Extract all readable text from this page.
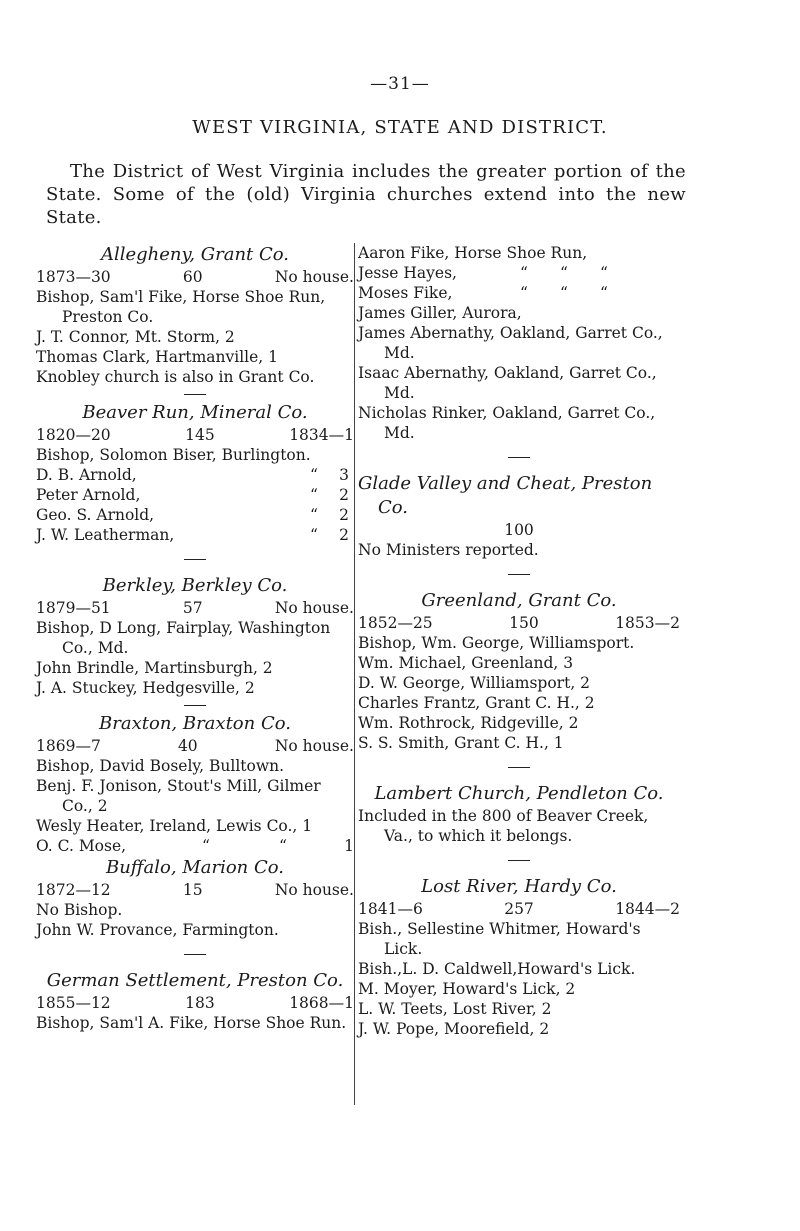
—31—
WEST VIRGINIA, STATE AND DISTRICT.
The District of West Virginia includes the greater portion of the State. Some of the (old) Virginia churches extend into the new State.
Allegheny, Grant Co.
1873—30	60	No house.
Bishop, Sam'l Fike, Horse Shoe Run, Preston Co.
J. T. Connor, Mt. Storm, 2
Thomas Clark, Hartmanville, 1
Knobley church is also in Grant Co.
Beaver Run, Mineral Co.
1820—20	145	1834—1
Bishop, Solomon Biser, Burlington.
D. B. Arnold,	“	3
Peter Arnold,	“	2
Geo. S. Arnold,	“	2
J. W. Leatherman,	“	2
Berkley, Berkley Co.
1879—51	57	No house.
Bishop, D Long, Fairplay, Washington Co., Md.
John Brindle, Martinsburgh, 2
J. A. Stuckey, Hedgesville, 2
Braxton, Braxton Co.
1869—7	40	No house.
Bishop, David Bosely, Bulltown.
Benj. F. Jonison, Stout's Mill, Gilmer Co., 2
Wesly Heater, Ireland, Lewis Co., 1
O. C. Mose,	“	“	1
Buffalo, Marion Co.
1872—12	15	No house.
No Bishop.
John W. Provance, Farmington.
German Settlement, Preston Co.
1855—12	183	1868—1
Bishop, Sam'l A. Fike, Horse Shoe Run.
Aaron Fike, Horse Shoe Run,
Jesse Hayes,	“	“	“
Moses Fike,	“	“	“
James Giller, Aurora,
James Abernathy, Oakland, Garret Co., Md.
Isaac Abernathy, Oakland, Garret Co., Md.
Nicholas Rinker, Oakland, Garret Co., Md.
Glade Valley and Cheat, Preston Co.
100
No Ministers reported.
Greenland, Grant Co.
1852—25	150	1853—2
Bishop, Wm. George, Williamsport.
Wm. Michael, Greenland, 3
D. W. George, Williamsport, 2
Charles Frantz, Grant C. H., 2
Wm. Rothrock, Ridgeville, 2
S. S. Smith, Grant C. H., 1
Lambert Church, Pendleton Co.
Included in the 800 of Beaver Creek, Va., to which it belongs.
Lost River, Hardy Co.
1841—6	257	1844—2
Bish., Sellestine Whitmer, Howard's Lick.
Bish.,L. D. Caldwell,Howard's Lick.
M. Moyer, Howard's Lick, 2
L. W. Teets, Lost River, 2
J. W. Pope, Moorefield, 2
